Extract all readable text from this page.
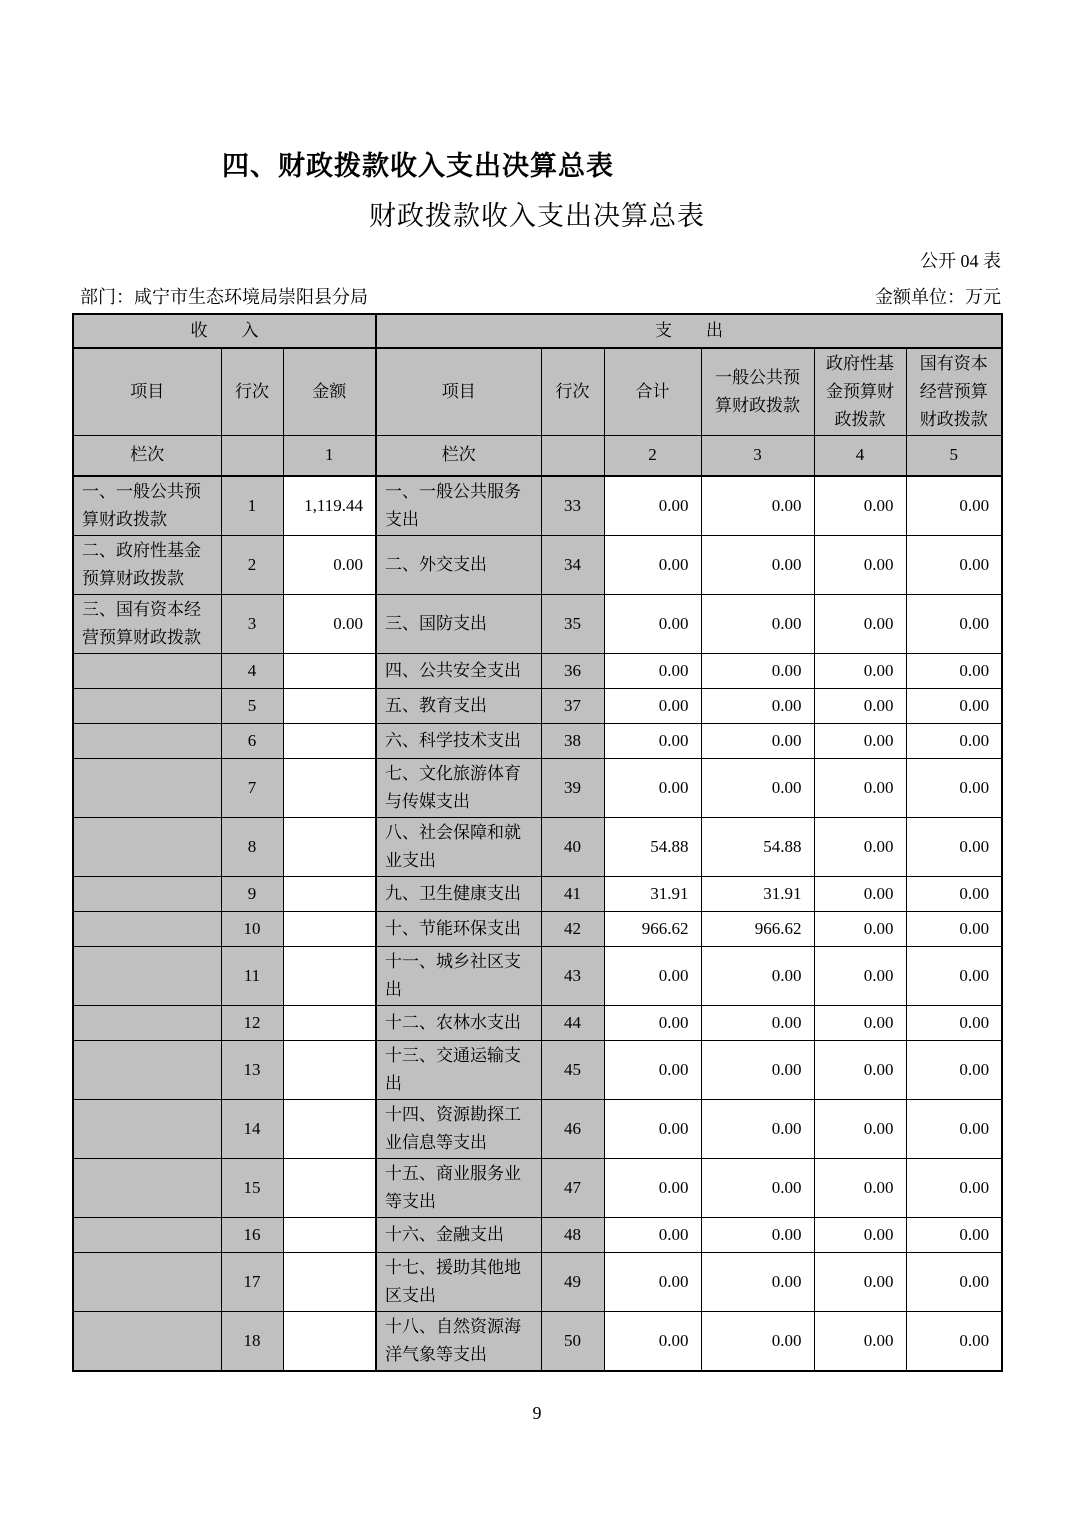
四、财政拨款收入支出决算总表
财政拨款收入支出决算总表
公开 04 表
部门：咸宁市生态环境局崇阳县分局	金额单位：万元
收　　入			支　　出					
项目	行次	金额	项目	行次	合计	一般公共预算财政拨款	政府性基金预算财政拨款	国有资本经营预算财政拨款
栏次		1	栏次		2	3	4	5
一、一般公共预算财政拨款	1	1,119.44	一、一般公共服务支出	33	0.00	0.00	0.00	0.00
二、政府性基金预算财政拨款	2	0.00	二、外交支出	34	0.00	0.00	0.00	0.00
三、国有资本经营预算财政拨款	3	0.00	三、国防支出	35	0.00	0.00	0.00	0.00
	4		四、公共安全支出	36	0.00	0.00	0.00	0.00
	5		五、教育支出	37	0.00	0.00	0.00	0.00
	6		六、科学技术支出	38	0.00	0.00	0.00	0.00
	7		七、文化旅游体育与传媒支出	39	0.00	0.00	0.00	0.00
	8		八、社会保障和就业支出	40	54.88	54.88	0.00	0.00
	9		九、卫生健康支出	41	31.91	31.91	0.00	0.00
	10		十、节能环保支出	42	966.62	966.62	0.00	0.00
	11		十一、城乡社区支出	43	0.00	0.00	0.00	0.00
	12		十二、农林水支出	44	0.00	0.00	0.00	0.00
	13		十三、交通运输支出	45	0.00	0.00	0.00	0.00
	14		十四、资源勘探工业信息等支出	46	0.00	0.00	0.00	0.00
	15		十五、商业服务业等支出	47	0.00	0.00	0.00	0.00
	16		十六、金融支出	48	0.00	0.00	0.00	0.00
	17		十七、援助其他地区支出	49	0.00	0.00	0.00	0.00
	18		十八、自然资源海洋气象等支出	50	0.00	0.00	0.00	0.00
9
